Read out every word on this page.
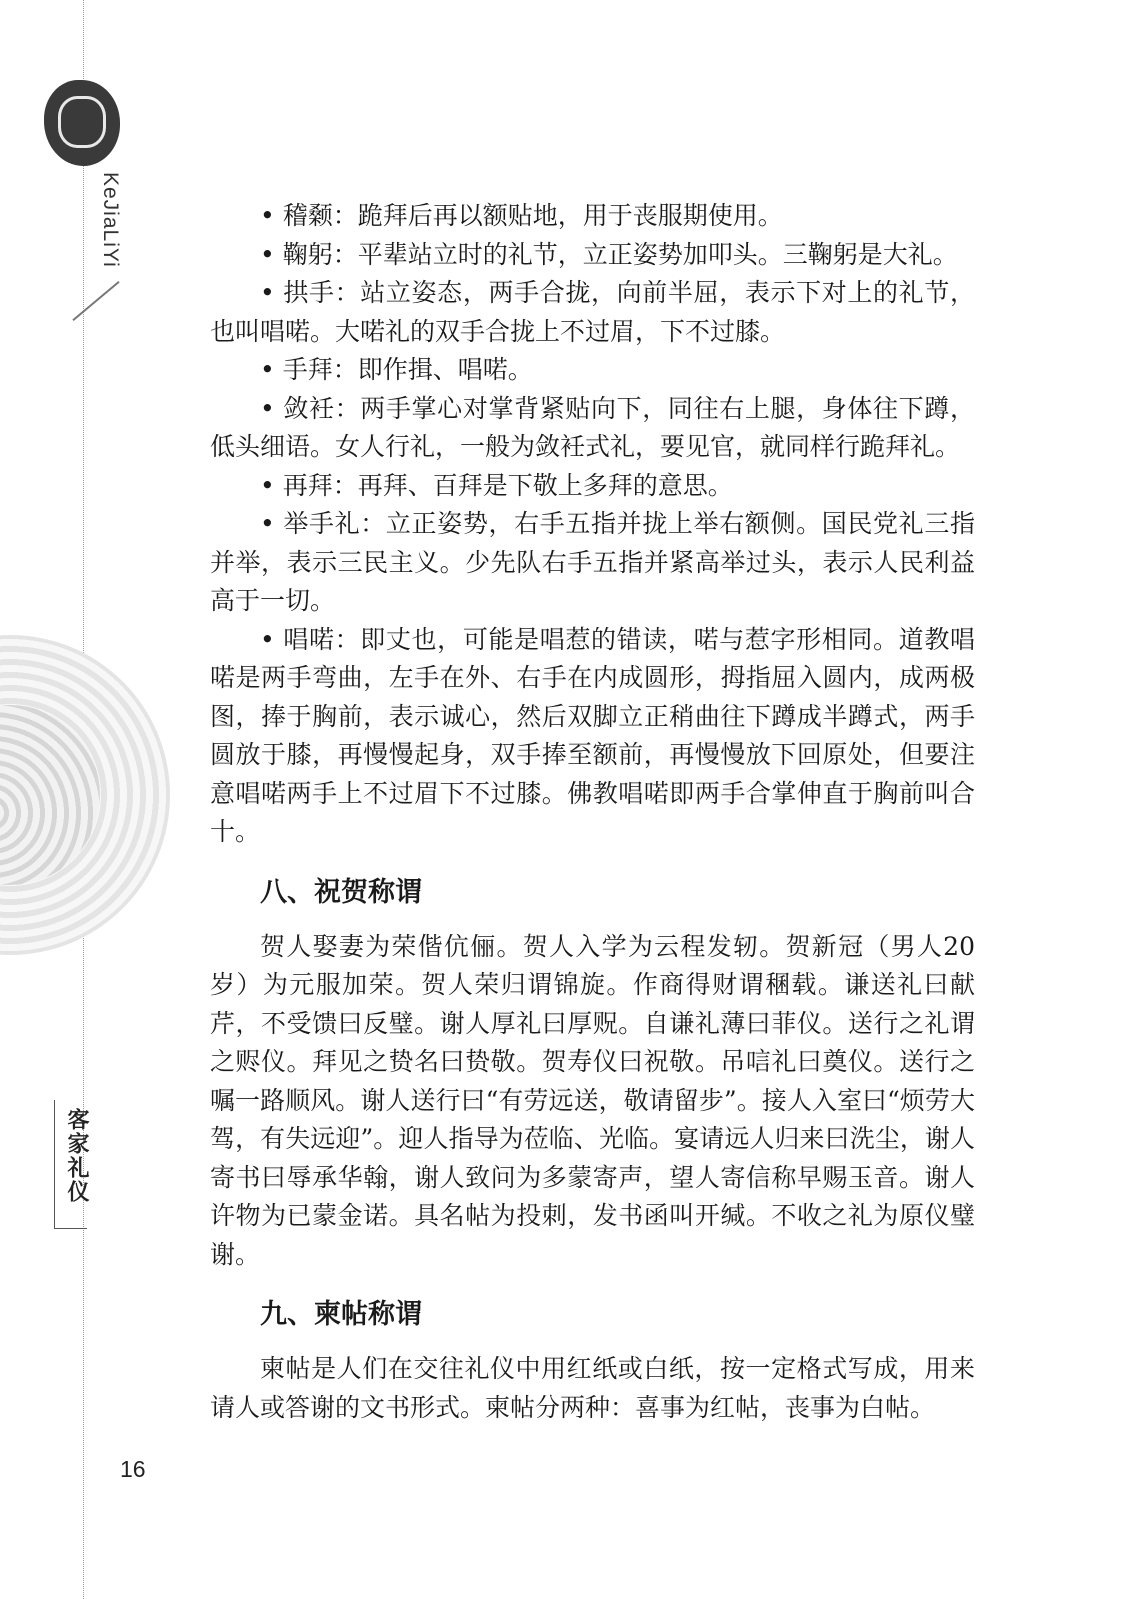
KeJiaLiYi
客家礼仪

• 稽颡：跪拜后再以额贴地，用于丧服期使用。

• 鞠躬：平辈站立时的礼节，立正姿势加叩头。三鞠躬是大礼。

• 拱手：站立姿态，两手合拢，向前半屈，表示下对上的礼节，也叫唱喏。大喏礼的双手合拢上不过眉，下不过膝。

• 手拜：即作揖、唱喏。

• 敛衽：两手掌心对掌背紧贴向下，同往右上腿，身体往下蹲，低头细语。女人行礼，一般为敛衽式礼，要见官，就同样行跪拜礼。

• 再拜：再拜、百拜是下敬上多拜的意思。

• 举手礼：立正姿势，右手五指并拢上举右额侧。国民党礼三指并举，表示三民主义。少先队右手五指并紧高举过头，表示人民利益高于一切。

• 唱喏：即丈也，可能是唱惹的错读，喏与惹字形相同。道教唱喏是两手弯曲，左手在外、右手在内成圆形，拇指屈入圆内，成两极图，捧于胸前，表示诚心，然后双脚立正稍曲往下蹲成半蹲式，两手圆放于膝，再慢慢起身，双手捧至额前，再慢慢放下回原处，但要注意唱喏两手上不过眉下不过膝。佛教唱喏即两手合掌伸直于胸前叫合十。

八、祝贺称谓

贺人娶妻为荣偕伉俪。贺人入学为云程发轫。贺新冠（男人20岁）为元服加荣。贺人荣归谓锦旋。作商得财谓稛载。谦送礼曰献芹，不受馈曰反璧。谢人厚礼曰厚贶。自谦礼薄曰菲仪。送行之礼谓之赆仪。拜见之贽名曰贽敬。贺寿仪曰祝敬。吊唁礼曰奠仪。送行之嘱一路顺风。谢人送行曰“有劳远送，敬请留步”。接人入室曰“烦劳大驾，有失远迎”。迎人指导为莅临、光临。宴请远人归来曰洗尘，谢人寄书曰辱承华翰，谢人致问为多蒙寄声，望人寄信称早赐玉音。谢人许物为已蒙金诺。具名帖为投刺，发书函叫开缄。不收之礼为原仪璧谢。

九、柬帖称谓

柬帖是人们在交往礼仪中用红纸或白纸，按一定格式写成，用来请人或答谢的文书形式。柬帖分两种：喜事为红帖，丧事为白帖。

16
